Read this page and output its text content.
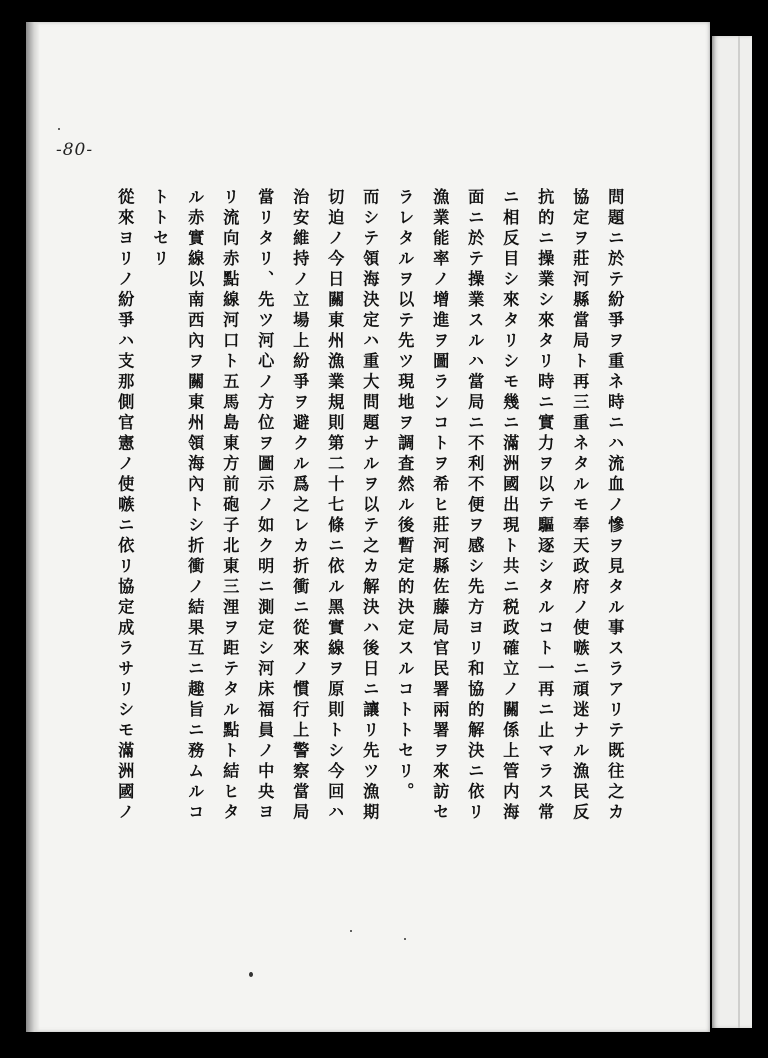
-80-
問題ニ於テ紛爭ヲ重ネ時ニハ流血ノ慘ヲ見タル事スラアリテ既往之カ
協定ヲ莊河縣當局ト再三重ネタルモ奉天政府ノ使嗾ニ頑迷ナル漁民反
抗的ニ操業シ來タリ時ニ實力ヲ以テ驅逐シタルコト一再ニ止マラス常
ニ相反目シ來タリシモ幾ニ滿洲國出現ト共ニ税政確立ノ關係上管内海
面ニ於テ操業スルハ當局ニ不利不便ヲ感シ先方ヨリ和協的解決ニ依リ
漁業能率ノ增進ヲ圖ランコトヲ希ヒ莊河縣佐藤局官民署兩署ヲ來訪セ
ラレタルヲ以テ先ツ現地ヲ調査然ル後暫定的決定スルコトトセリ。
而シテ領海決定ハ重大問題ナルヲ以テ之カ解決ハ後日ニ讓リ先ツ漁期
切迫ノ今日關東州漁業規則第二十七條ニ依ル黑實線ヲ原則トシ今回ハ
治安維持ノ立場上紛爭ヲ避クル爲之レカ折衝ニ從來ノ慣行上警察當局
當リタリ、先ツ河心ノ方位ヲ圖示ノ如ク明ニ測定シ河床福員ノ中央ヨ
リ流向赤點線河口ト五馬島東方前砲子北東三浬ヲ距テタル點ト結ヒタ
ル赤實線以南西內ヲ關東州領海內トシ折衝ノ結果互ニ趣旨ニ務ムルコ
トトセリ
從來ヨリノ紛爭ハ支那側官憲ノ使嗾ニ依リ協定成ラサリシモ滿洲國ノ
